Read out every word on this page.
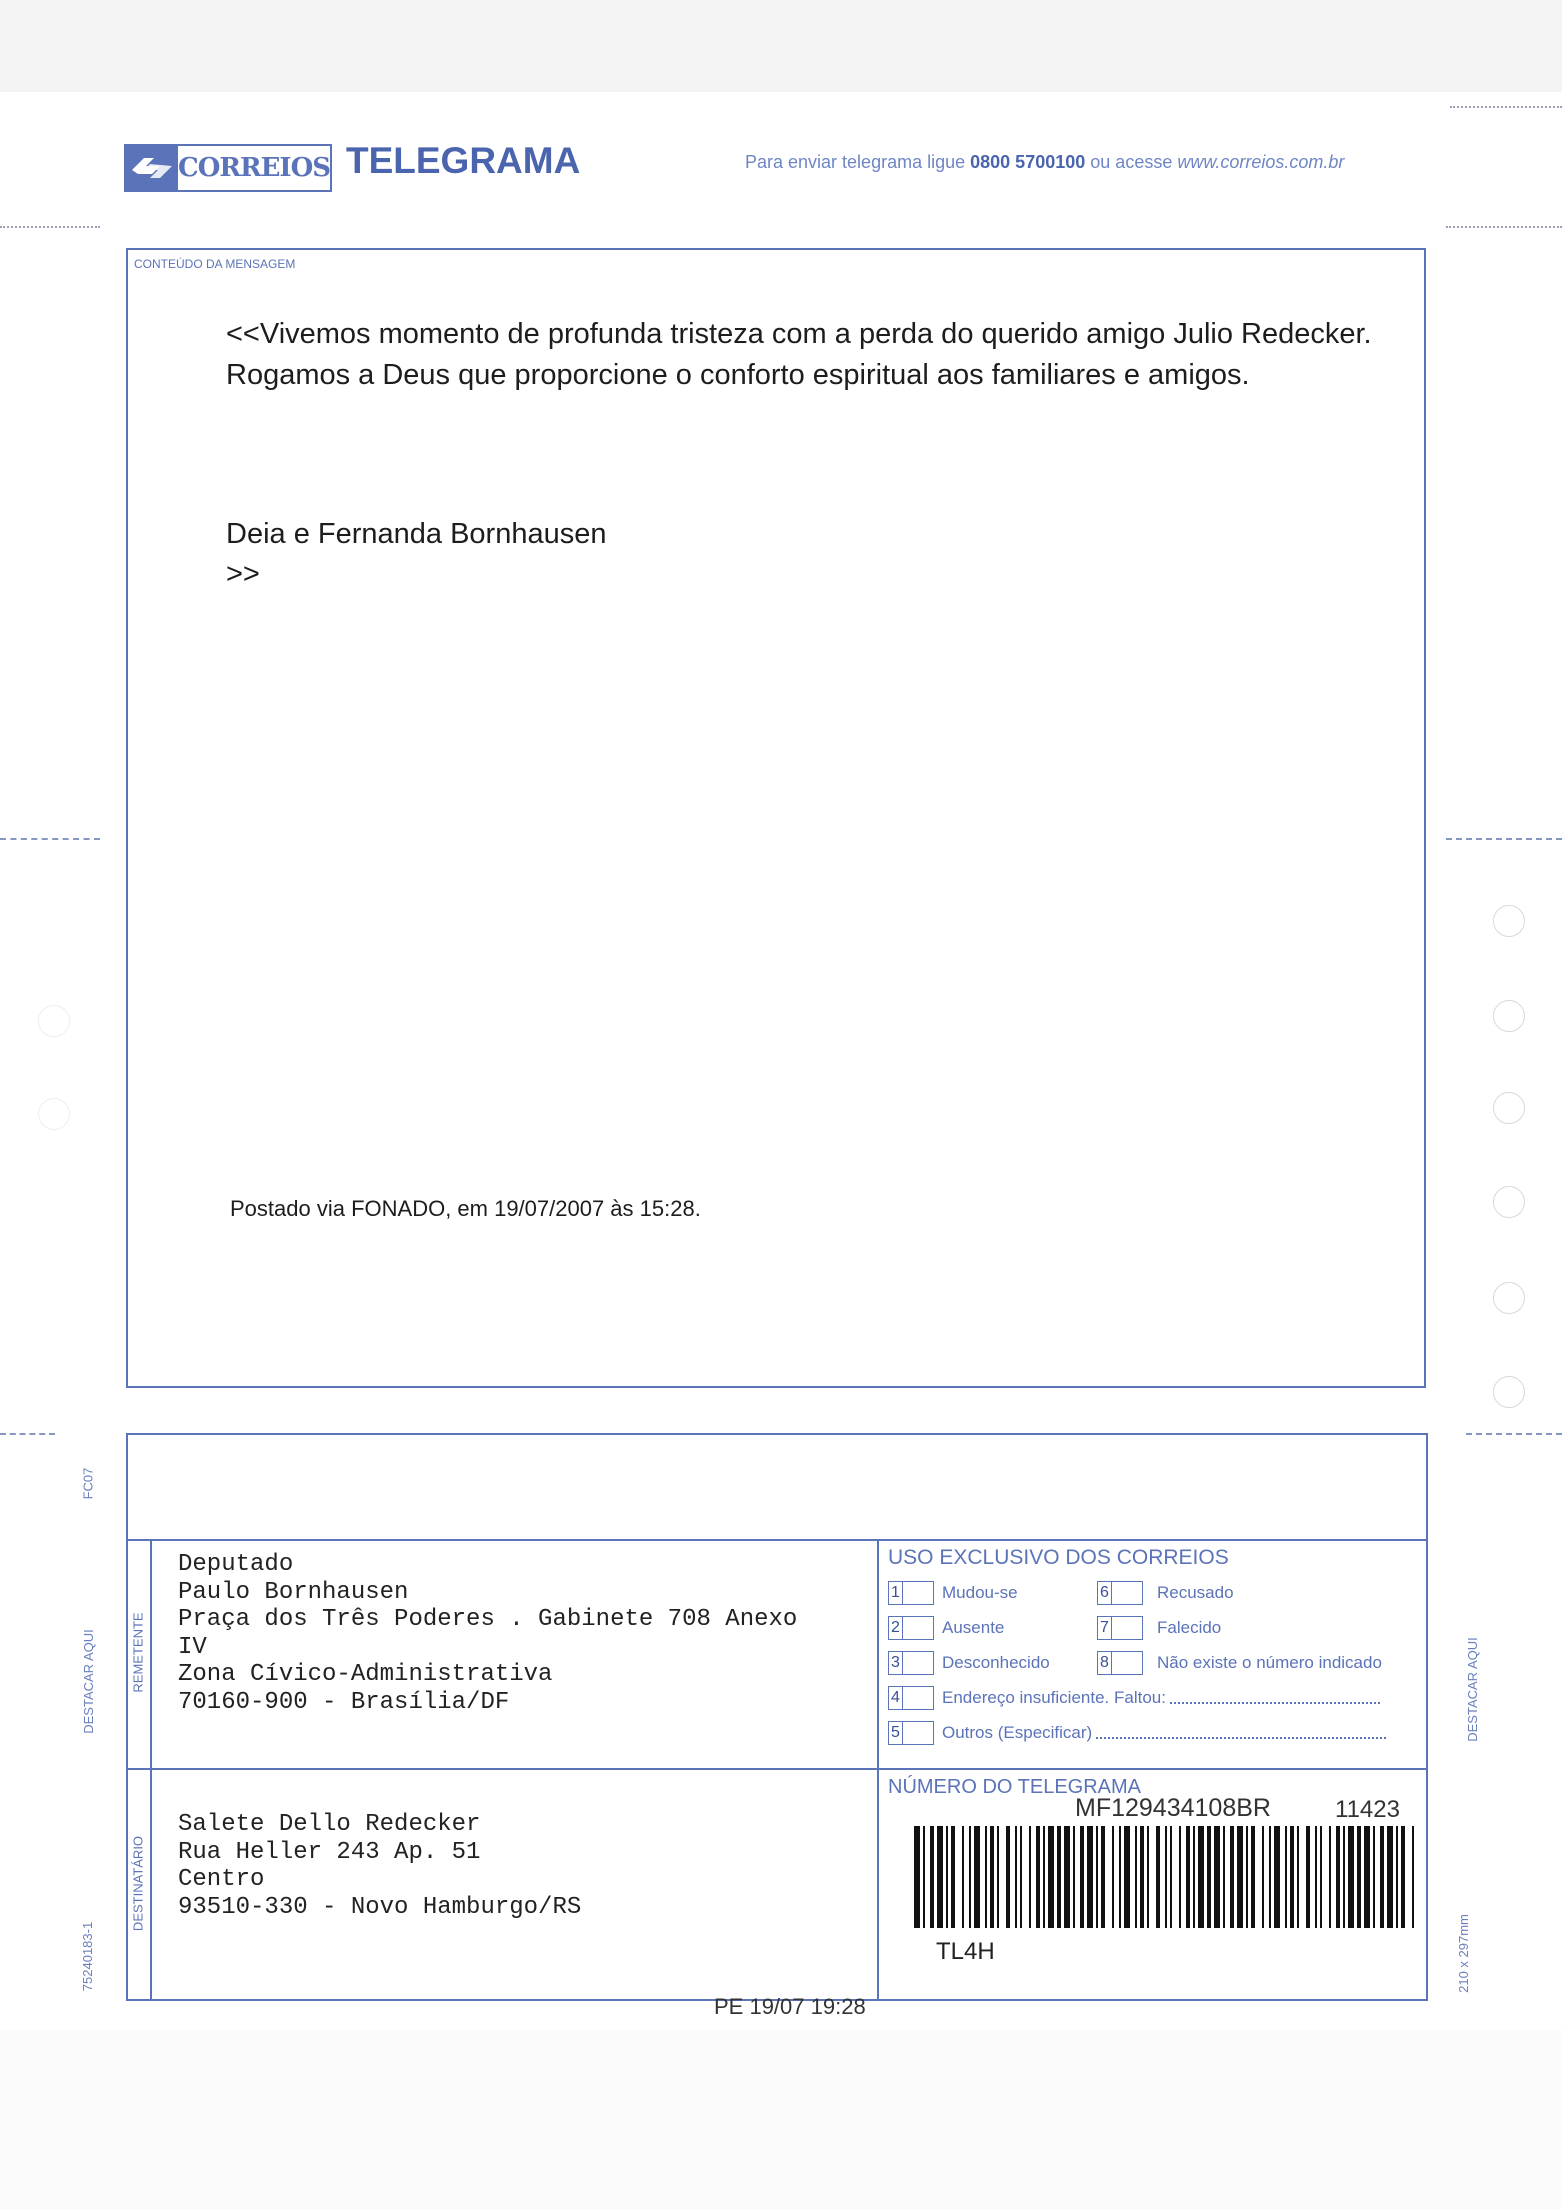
CORREIOS TELEGRAMA	Para enviar telegrama ligue 0800 5700100 ou acesse www.correios.com.br
CONTEÚDO DA MENSAGEM
<<Vivemos momento de profunda tristeza com a perda do querido amigo Julio Redecker. Rogamos a Deus que proporcione o conforto espiritual aos familiares e amigos.
Deia e Fernanda Bornhausen
>>
Postado via FONADO, em 19/07/2007 às 15:28.
REMETENTE
DESTINATÁRIO
Deputado
Paulo Bornhausen
Praça dos Três Poderes . Gabinete 708 Anexo
IV
Zona Cívico-Administrativa
70160-900 - Brasília/DF
Salete Dello Redecker
Rua Heller 243 Ap. 51
Centro
93510-330 - Novo Hamburgo/RS
USO EXCLUSIVO DOS CORREIOS
1 Mudou-se	6	Recusado
2 Ausente	7	Falecido
3 Desconhecido	8	Não existe o número indicado
4 Endereço insuficiente. Faltou:
5 Outros (Especificar)
NÚMERO DO TELEGRAMA
MF129434108BR	11423
TL4H
PE 19/07 19:28
FC07
DESTACAR AQUI	DESTACAR AQUI
75240183-1	210 x 297mm
